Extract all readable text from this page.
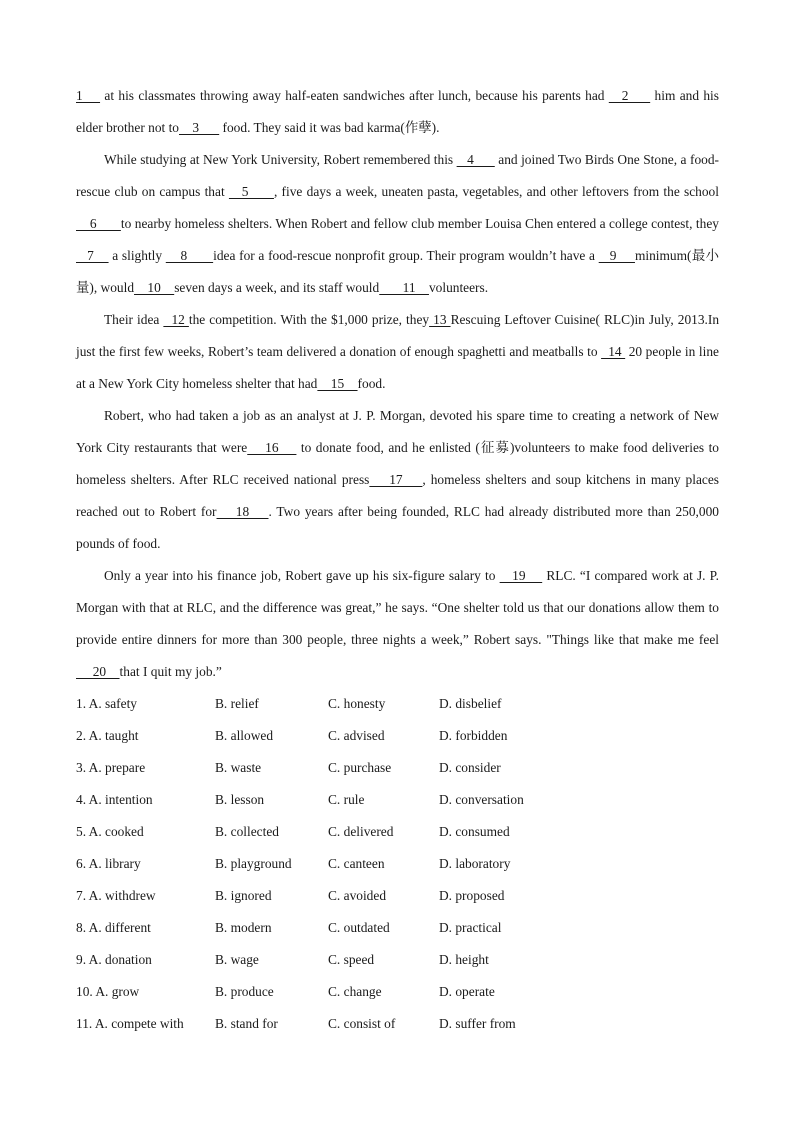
1     at his classmates throwing away half-eaten sandwiches after lunch, because his parents had    2      him and his elder brother not to    3       food. They said it was bad karma(作孽).

While studying at New York University, Robert remembered this    4       and joined Two Birds One Stone, a food-rescue club on campus that    5      , five days a week, uneaten pasta, vegetables, and other leftovers from the school    6       to nearby homeless shelters. When Robert and fellow club member Louisa Chen entered a college contest, they    7     a slightly     8       idea for a food-rescue nonprofit group. Their program wouldn’t have a    9     minimum(最小量), would    10    seven days a week, and its staff would       11    volunteers.

Their idea   12 the competition. With the $1,000 prize, they 13 Rescuing Leftover Cuisine( RLC)in July, 2013.In just the first few weeks, Robert’s team delivered a donation of enough spaghetti and meatballs to   14  20 people in line at a New York City homeless shelter that had    15    food.

Robert, who had taken a job as an analyst at J. P. Morgan, devoted his spare time to creating a network of New York City restaurants that were    16     to donate food, and he enlisted (征募)volunteers to make food deliveries to homeless shelters. After RLC received national press    17    , homeless shelters and soup kitchens in many places reached out to Robert for    18    . Two years after being founded, RLC had already distributed more than 250,000 pounds of food.

Only a year into his finance job, Robert gave up his six-figure salary to    19     RLC. “I compared work at J. P. Morgan with that at RLC, and the difference was great,” he says. “One shelter told us that our donations allow them to provide entire dinners for more than 300 people, three nights a week,” Robert says. "Things like that make me feel     20    that I quit my job.”

1. A. safety	B. relief	C. honesty	D. disbelief
2. A. taught	B. allowed	C. advised	D. forbidden
3. A. prepare	B. waste	C. purchase	D. consider
4. A. intention	B. lesson	C. rule	D. conversation
5. A. cooked	B. collected	C. delivered	D. consumed
6. A. library	B. playground	C. canteen	D. laboratory
7. A. withdrew	B. ignored	C. avoided	D. proposed
8. A. different	B. modern	C. outdated	D. practical
9. A. donation	B. wage	C. speed	D. height
10. A. grow	B. produce	C. change	D. operate
11. A. compete with B. stand for	C. consist of	D. suffer from
